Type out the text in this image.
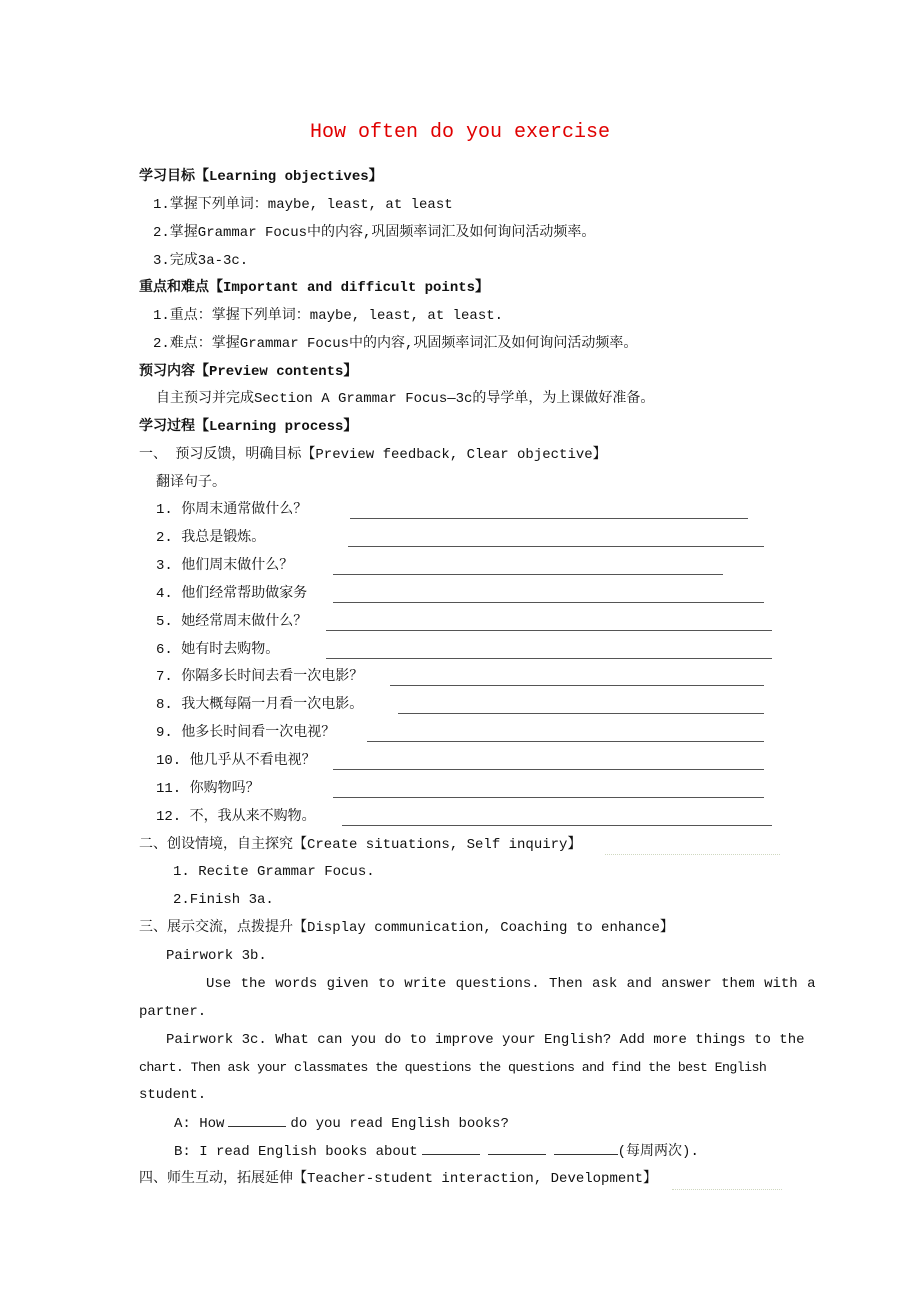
How often do you exercise
学习目标【Learning objectives】
1.掌握下列单词：maybe, least, at least
2.掌握Grammar Focus中的内容,巩固频率词汇及如何询问活动频率。
3.完成3a-3c.
重点和难点【Important and difficult points】
1.重点：掌握下列单词：maybe, least, at least.
2.难点：掌握Grammar Focus中的内容,巩固频率词汇及如何询问活动频率。
预习内容【Preview contents】
自主预习并完成Section A Grammar Focus—3c的导学单，为上课做好准备。
学习过程【Learning process】
一、 预习反馈，明确目标【Preview feedback, Clear objective】
翻译句子。
1. 你周末通常做什么？
2. 我总是锻炼。
3. 他们周末做什么？
4. 他们经常帮助做家务
5. 她经常周末做什么？
6. 她有时去购物。
7. 你隔多长时间去看一次电影？
8. 我大概每隔一月看一次电影。
9. 他多长时间看一次电视？
10. 他几乎从不看电视？
11. 你购物吗？
12. 不，我从来不购物。
二、创设情境，自主探究【Create situations, Self inquiry】
1. Recite Grammar Focus.
2.Finish 3a.
三、展示交流，点拨提升【Display communication, Coaching to enhance】
Pairwork 3b.
Use the words given to write questions. Then ask and answer them with a
partner.
Pairwork 3c. What can you do to improve your English? Add more things to the
chart. Then ask your classmates the questions the questions and find the best English
student.
A: How	do you read English books?
B: I read English books about	(每周两次).
四、师生互动，拓展延伸【Teacher-student interaction, Development】
